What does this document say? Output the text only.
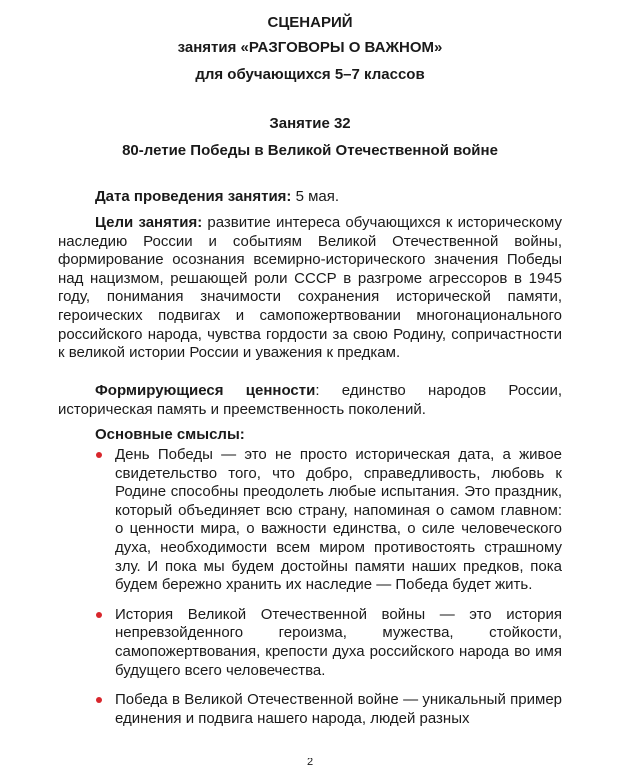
СЦЕНАРИЙ
занятия «РАЗГОВОРЫ О ВАЖНОМ»
для обучающихся 5–7 классов
Занятие 32
80-летие Победы в Великой Отечественной войне
Дата проведения занятия: 5 мая.
Цели занятия: развитие интереса обучающихся к историческому наследию России и событиям Великой Отечественной войны, формирование осознания всемирно-исторического значения Победы над нацизмом, решающей роли СССР в разгроме агрессоров в 1945 году, понимания значимости сохранения исторической памяти, героических подвигах и самопожертвовании многонационального российского народа, чувства гордости за свою Родину, сопричастности к великой истории России и уважения к предкам.
Формирующиеся ценности: единство народов России, историческая память и преемственность поколений.
Основные смыслы:
День Победы — это не просто историческая дата, а живое свидетельство того, что добро, справедливость, любовь к Родине способны преодолеть любые испытания. Это праздник, который объединяет всю страну, напоминая о самом главном: о ценности мира, о важности единства, о силе человеческого духа, необходимости всем миром противостоять страшному злу. И пока мы будем достойны памяти наших предков, пока будем бережно хранить их наследие — Победа будет жить.
История Великой Отечественной войны — это история непревзойденного героизма, мужества, стойкости, самопожертвования, крепости духа российского народа во имя будущего всего человечества.
Победа в Великой Отечественной войне — уникальный пример единения и подвига нашего народа, людей разных
2
